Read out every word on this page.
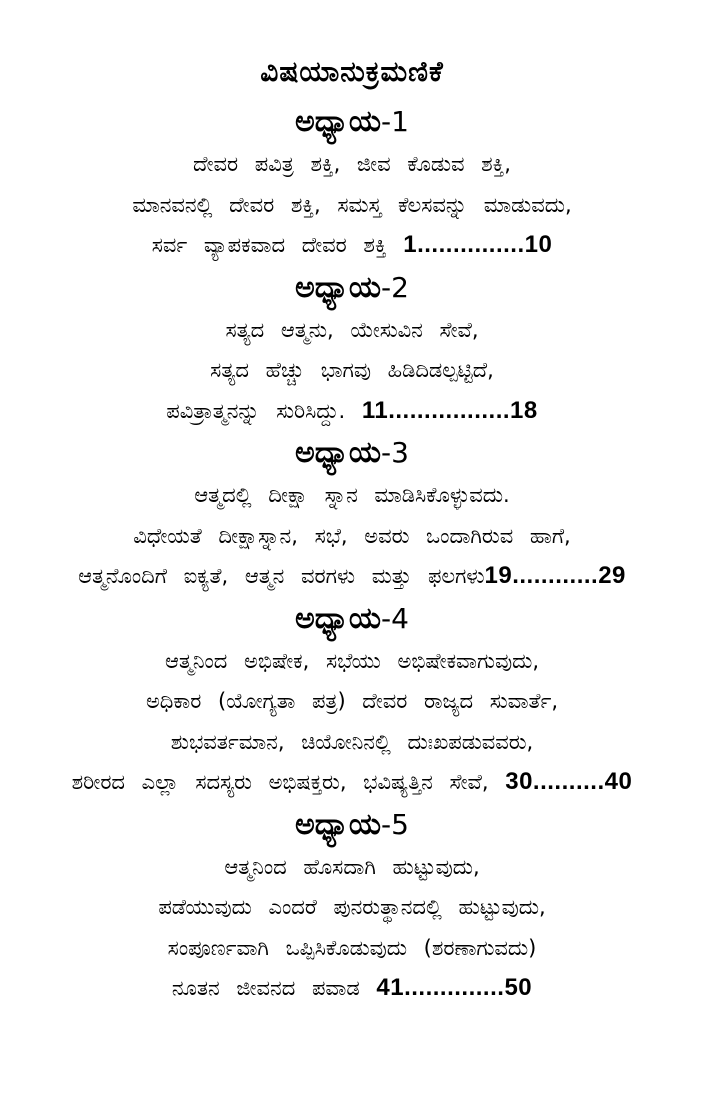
ವಿಷಯಾನುಕ್ರಮಣಿಕೆ
ಅಧ್ಯಾಯ-1
ದೇವರ ಪವಿತ್ರ ಶಕ್ತಿ, ಜೀವ ಕೊಡುವ ಶಕ್ತಿ,
ಮಾನವನಲ್ಲಿ ದೇವರ ಶಕ್ತಿ, ಸಮಸ್ತ ಕೆಲಸವನ್ನು ಮಾಡುವದು,
ಸರ್ವ ವ್ಯಾಪಕವಾದ ದೇವರ ಶಕ್ತಿ 1...............10
ಅಧ್ಯಾಯ-2
ಸತ್ಯದ ಆತ್ಮನು, ಯೇಸುವಿನ ಸೇವೆ,
ಸತ್ಯದ ಹೆಚ್ಚು ಭಾಗವು ಹಿಡಿದಿಡಲ್ಪಟ್ಟಿದೆ,
ಪವಿತ್ರಾತ್ಮನನ್ನು ಸುರಿಸಿದ್ದು. 11.................18
ಅಧ್ಯಾಯ-3
ಆತ್ಮದಲ್ಲಿ ದೀಕ್ಷಾ ಸ್ನಾನ ಮಾಡಿಸಿಕೊಳ್ಳುವದು.
ವಿಧೇಯತೆ ದೀಕ್ಷಾಸ್ನಾನ, ಸಭೆ, ಅವರು ಒಂದಾಗಿರುವ ಹಾಗೆ,
ಆತ್ಮನೊಂದಿಗೆ ಐಕ್ಯತೆ, ಆತ್ಮನ ವರಗಳು ಮತ್ತು ಫಲಗಳು19............29
ಅಧ್ಯಾಯ-4
ಆತ್ಮನಿಂದ ಅಭಿಷೇಕ, ಸಭೆಯು ಅಭಿಷೇಕವಾಗುವುದು,
ಅಧಿಕಾರ (ಯೋಗ್ಯತಾ ಪತ್ರ) ದೇವರ ರಾಜ್ಯದ ಸುವಾರ್ತೆ,
ಶುಭವರ್ತಮಾನ, ಚಿಯೋನಿನಲ್ಲಿ ದುಃಖಪಡುವವರು,
ಶರೀರದ ಎಲ್ಲಾ ಸದಸ್ಯರು ಅಭಿಷಕ್ತರು, ಭವಿಷ್ಯತ್ತಿನ ಸೇವೆ, 30..........40
ಅಧ್ಯಾಯ-5
ಆತ್ಮನಿಂದ ಹೊಸದಾಗಿ ಹುಟ್ಟುವುದು,
ಪಡೆಯುವುದು ಎಂದರೆ ಪುನರುತ್ಥಾನದಲ್ಲಿ ಹುಟ್ಟುವುದು,
ಸಂಪೂರ್ಣವಾಗಿ ಒಪ್ಪಿಸಿಕೊಡುವುದು (ಶರಣಾಗುವದು)
ನೂತನ ಜೀವನದ ಪವಾಡ 41..............50
